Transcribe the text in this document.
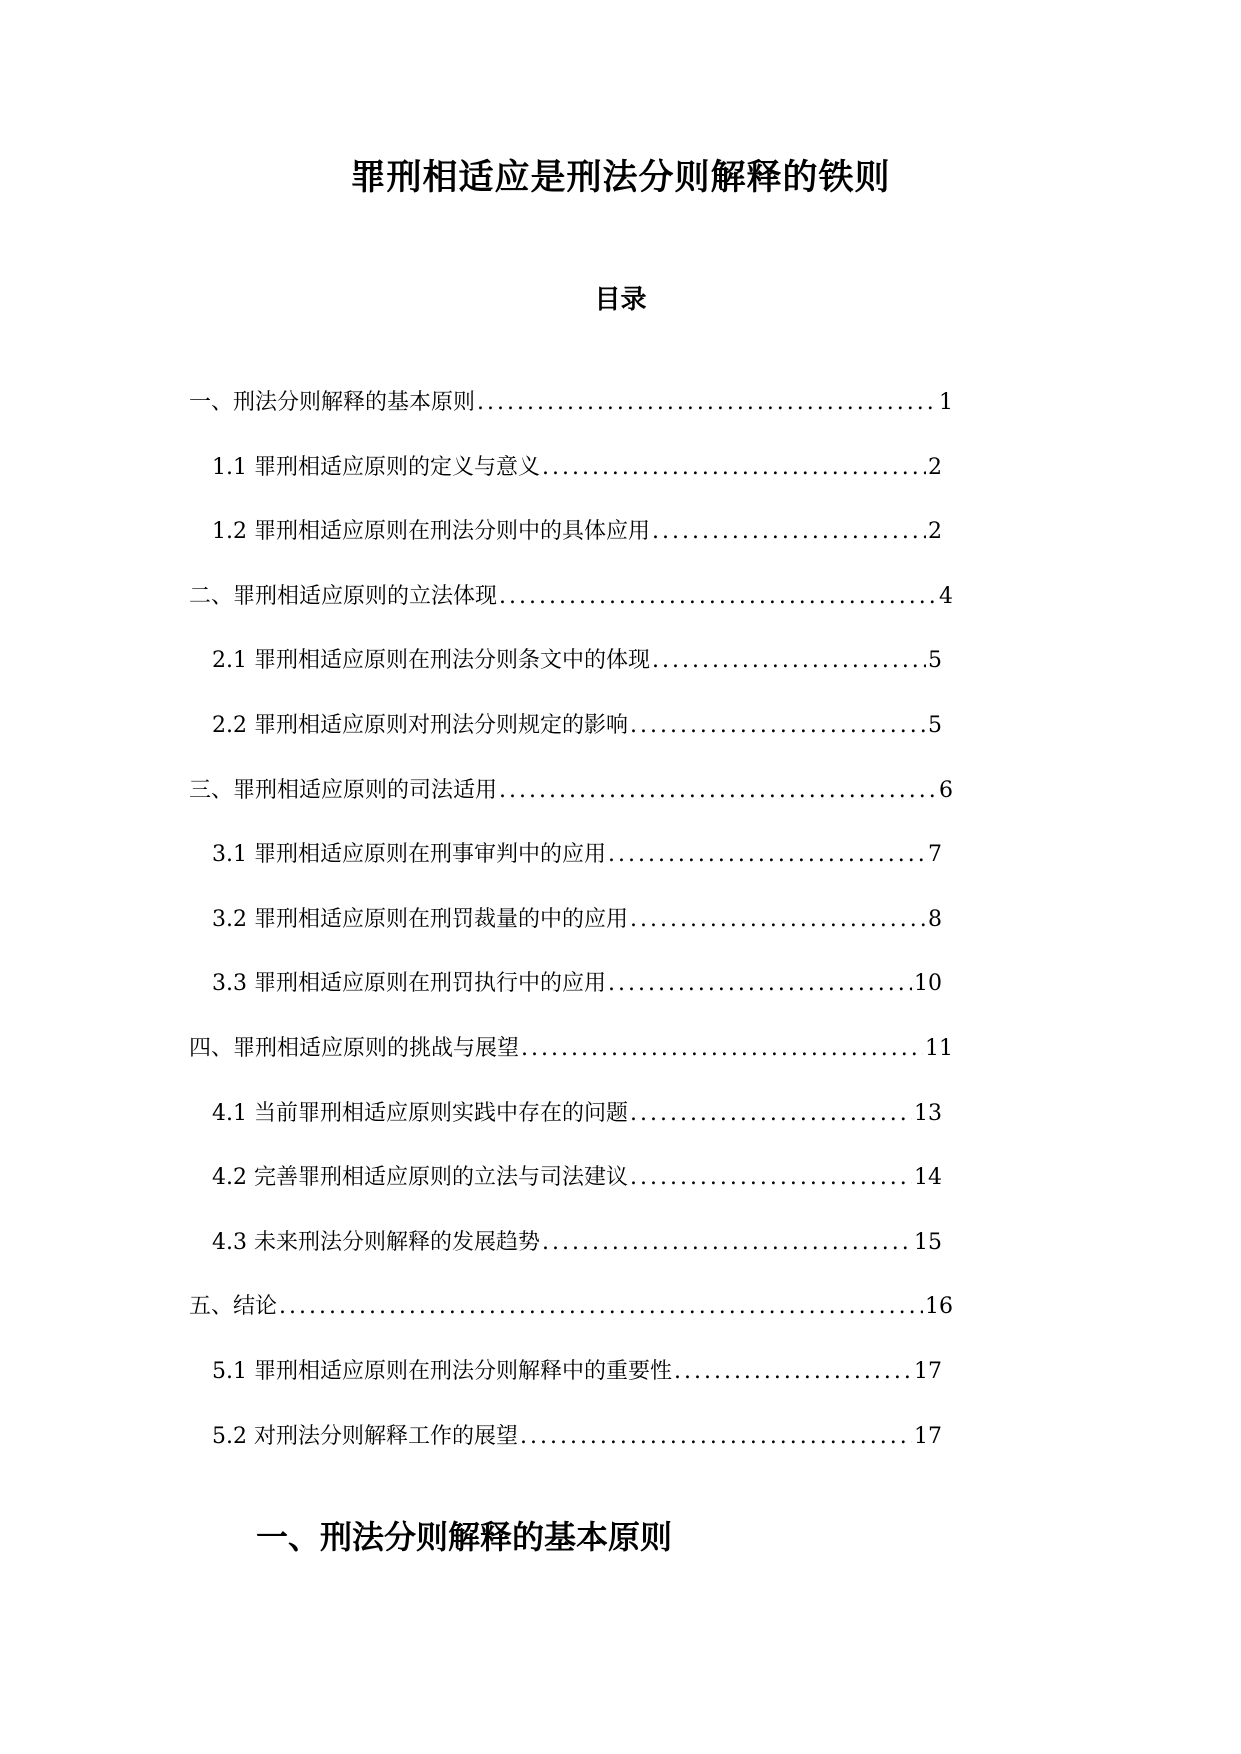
罪刑相适应是刑法分则解释的铁则
目录
一、刑法分则解释的基本原则 .....	1
1.1 罪刑相适应原则的定义与意义 .....	2
1.2 罪刑相适应原则在刑法分则中的具体应用 .....	2
二、罪刑相适应原则的立法体现 .....	4
2.1 罪刑相适应原则在刑法分则条文中的体现 .....	5
2.2 罪刑相适应原则对刑法分则规定的影响 .....	5
三、罪刑相适应原则的司法适用 .....	6
3.1 罪刑相适应原则在刑事审判中的应用 .....	7
3.2 罪刑相适应原则在刑罚裁量的中的应用 .....	8
3.3 罪刑相适应原则在刑罚执行中的应用 .....	10
四、罪刑相适应原则的挑战与展望 .....	11
4.1 当前罪刑相适应原则实践中存在的问题 .....	13
4.2 完善罪刑相适应原则的立法与司法建议 .....	14
4.3 未来刑法分则解释的发展趋势 .....	15
五、结论 .....	16
5.1 罪刑相适应原则在刑法分则解释中的重要性 .....	17
5.2 对刑法分则解释工作的展望 .....	17
一、刑法分则解释的基本原则
